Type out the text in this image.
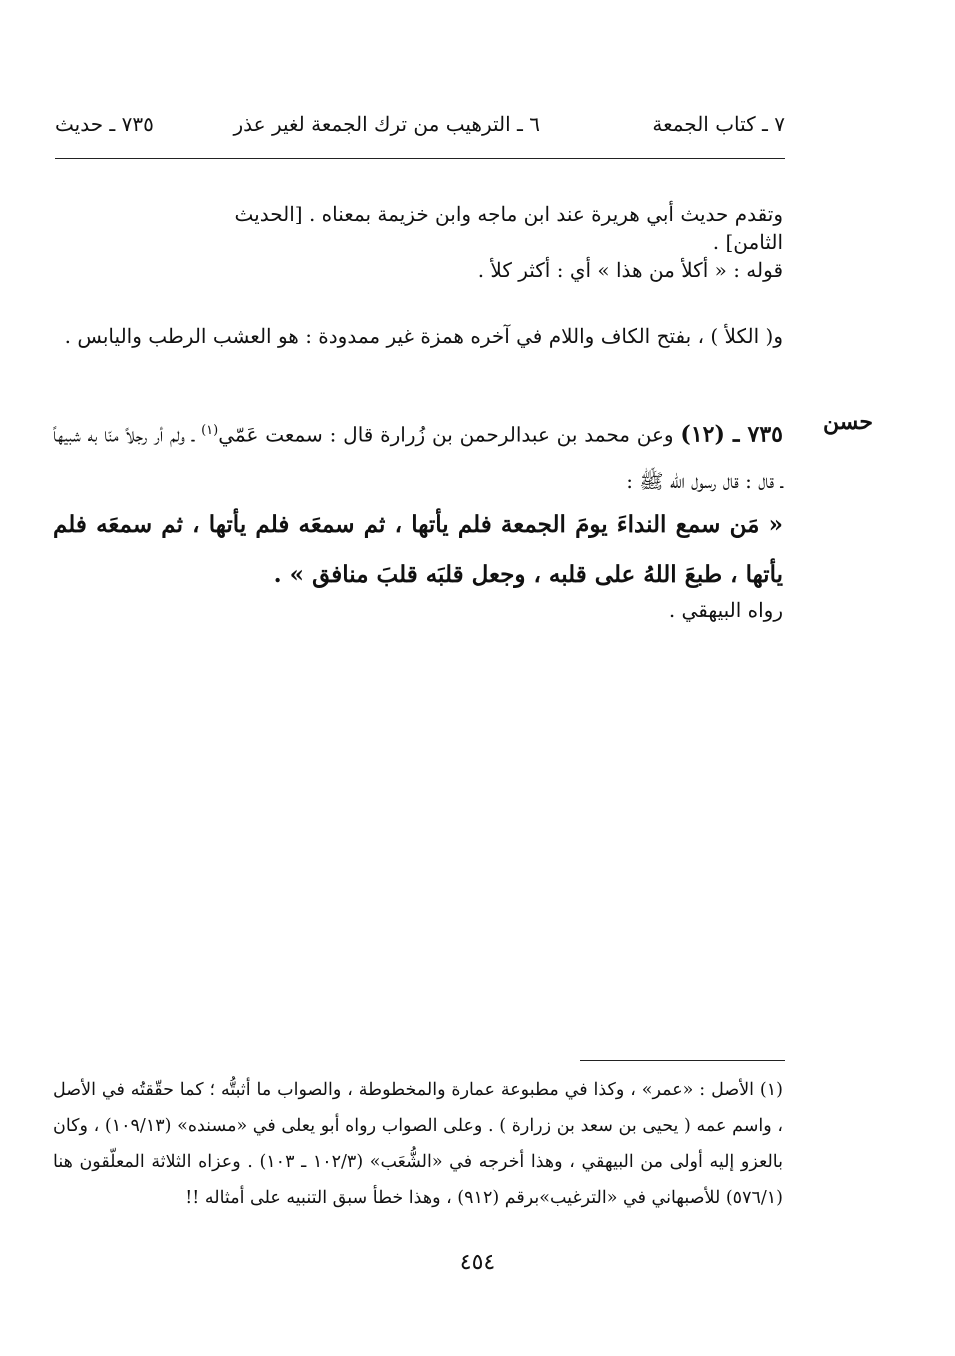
٧ ـ كتاب الجمعة
٦ ـ الترهيب من ترك الجمعة لغير عذر
٧٣٥ ـ حديث
وتقدم حديث أبي هريرة عند ابن ماجه وابن خزيمة بمعناه . [الحديث الثامن] .
قوله : « أكلأ من هذا » أي : أكثر كلأ .
و( الكلأ ) ، بفتح الكاف واللام في آخره همزة غير ممدودة : هو العشب الرطب واليابس .
حسن
٧٣٥ ـ (١٢) وعن محمد بن عبدالرحمن بن زُرارة قال : سمعت عَمّي$^{(١)}$ ـ ولم أر رجلاً منّا به شبيهاً ـ قال : قال رسول الله ﷺ :
« مَن سمع النداءَ يومَ الجمعة فلم يأتها ، ثم سمعَه فلم يأتها ، ثم سمعَه فلم يأتها ، طبعَ اللهُ على قلبه ، وجعل قلبَه قلبَ منافق » .
رواه البيهقي .
(١) الأصل : «عمر» ، وكذا في مطبوعة عمارة والمخطوطة ، والصواب ما أثبتُّه ؛ كما حقّقتُه في الأصل ، واسم عمه ( يحيى بن سعد بن زرارة ) . وعلى الصواب رواه أبو يعلى في «مسنده» (١٠٩/١٣) ، وكان بالعزو إليه أولى من البيهقي ، وهذا أخرجه في «الشُّعَب» (١٠٢/٣ ـ ١٠٣) . وعزاه الثلاثة المعلّقون هنا (٥٧٦/١) للأصبهاني في «الترغيب»برقم (٩١٢) ، وهذا خطأ سبق التنبيه على أمثاله !!
٤٥٤
